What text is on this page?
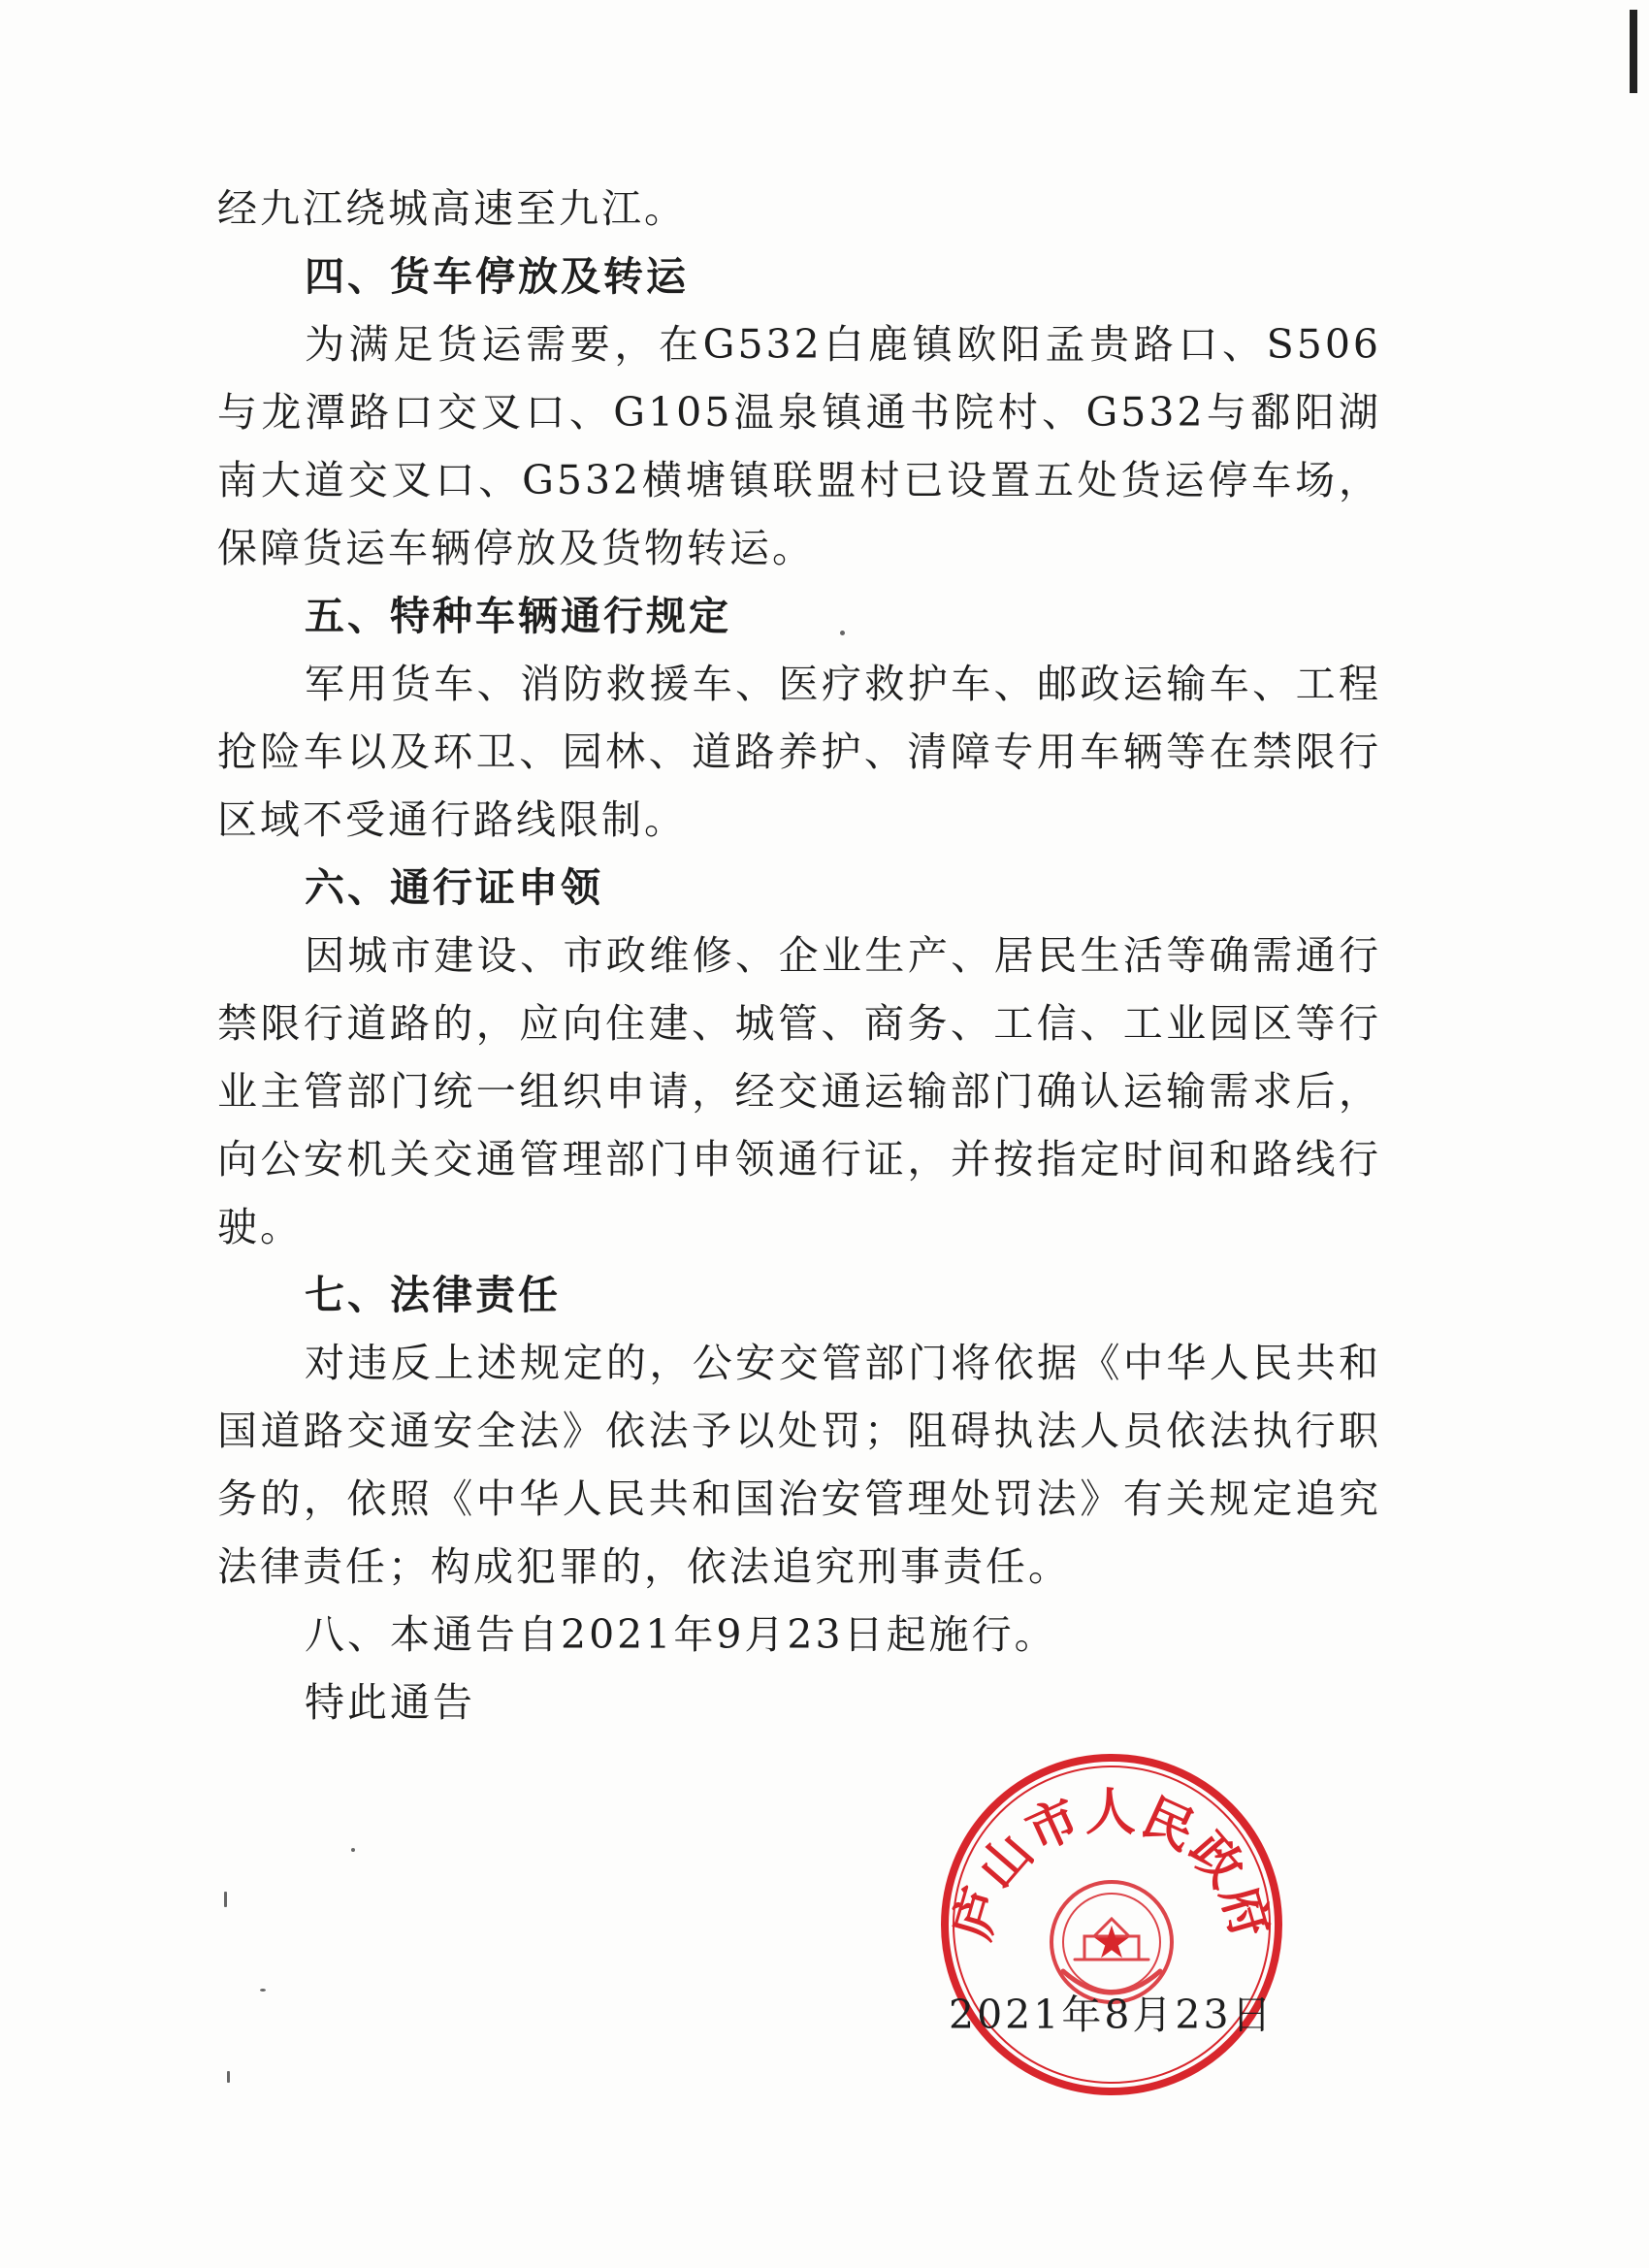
经九江绕城高速至九江。

四、货车停放及转运

为满足货运需要，在G532白鹿镇欧阳孟贵路口、S506与龙潭路口交叉口、G105温泉镇通书院村、G532与鄱阳湖南大道交叉口、G532横塘镇联盟村已设置五处货运停车场，保障货运车辆停放及货物转运。

五、特种车辆通行规定

军用货车、消防救援车、医疗救护车、邮政运输车、工程抢险车以及环卫、园林、道路养护、清障专用车辆等在禁限行区域不受通行路线限制。

六、通行证申领

因城市建设、市政维修、企业生产、居民生活等确需通行禁限行道路的，应向住建、城管、商务、工信、工业园区等行业主管部门统一组织申请，经交通运输部门确认运输需求后，向公安机关交通管理部门申领通行证，并按指定时间和路线行驶。

七、法律责任

对违反上述规定的，公安交管部门将依据《中华人民共和国道路交通安全法》依法予以处罚；阻碍执法人员依法执行职务的，依照《中华人民共和国治安管理处罚法》有关规定追究法律责任；构成犯罪的，依法追究刑事责任。

八、本通告自2021年9月23日起施行。

特此通告

★
庐山市人民政府
2021年8月23日
